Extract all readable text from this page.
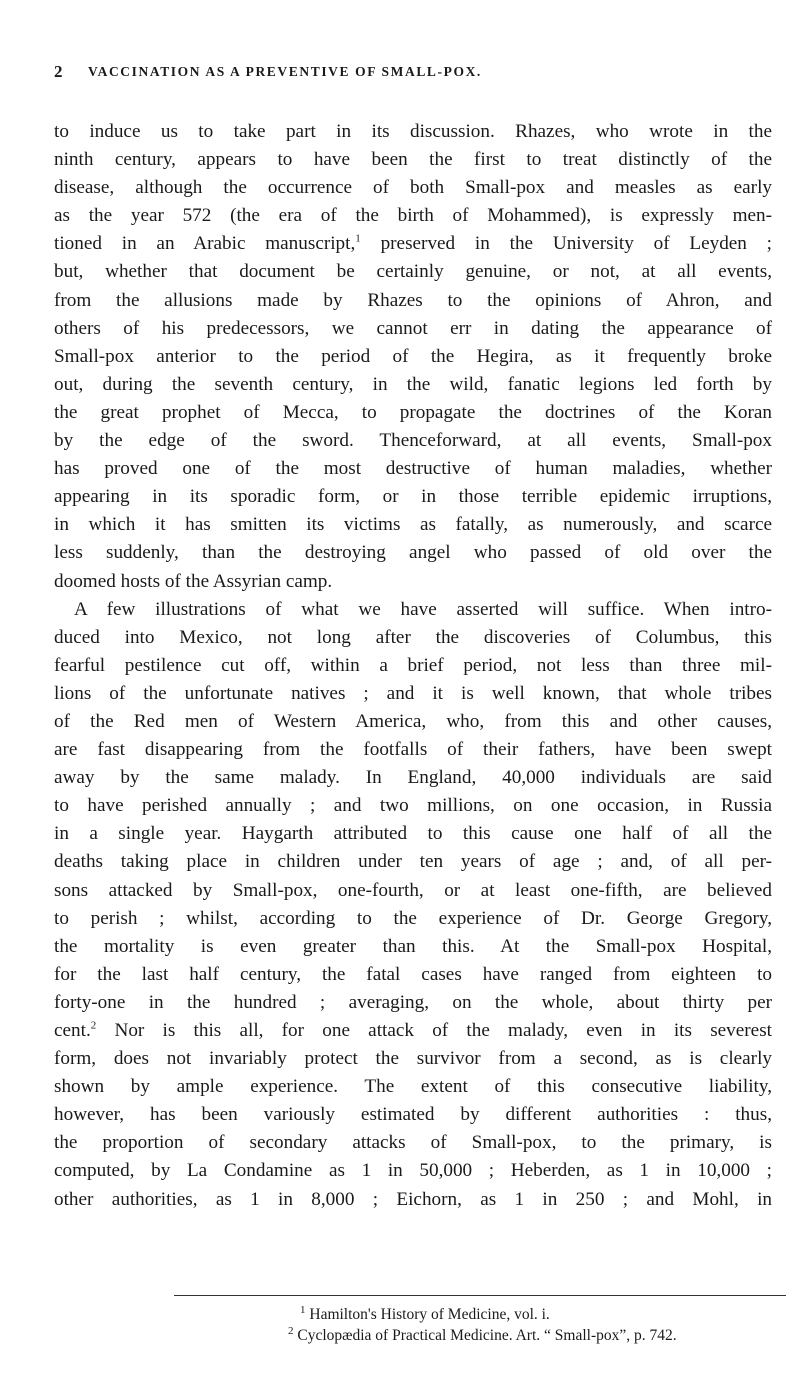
2 VACCINATION AS A PREVENTIVE OF SMALL-POX.
to induce us to take part in its discussion. Rhazes, who wrote in the
ninth century, appears to have been the first to treat distinctly of the
disease, although the occurrence of both Small-pox and measles as early
as the year 572 (the era of the birth of Mohammed), is expressly men-
tioned in an Arabic manuscript,$^1$ preserved in the University of Leyden ;
but, whether that document be certainly genuine, or not, at all events,
from the allusions made by Rhazes to the opinions of Ahron, and
others of his predecessors, we cannot err in dating the appearance of
Small-pox anterior to the period of the Hegira, as it frequently broke
out, during the seventh century, in the wild, fanatic legions led forth by
the great prophet of Mecca, to propagate the doctrines of the Koran
by the edge of the sword. Thenceforward, at all events, Small-pox
has proved one of the most destructive of human maladies, whether
appearing in its sporadic form, or in those terrible epidemic irruptions,
in which it has smitten its victims as fatally, as numerously, and scarce
less suddenly, than the destroying angel who passed of old over the
doomed hosts of the Assyrian camp.
A few illustrations of what we have asserted will suffice. When intro-
duced into Mexico, not long after the discoveries of Columbus, this
fearful pestilence cut off, within a brief period, not less than three mil-
lions of the unfortunate natives ; and it is well known, that whole tribes
of the Red men of Western America, who, from this and other causes,
are fast disappearing from the footfalls of their fathers, have been swept
away by the same malady. In England, 40,000 individuals are said
to have perished annually ; and two millions, on one occasion, in Russia
in a single year. Haygarth attributed to this cause one half of all the
deaths taking place in children under ten years of age ; and, of all per-
sons attacked by Small-pox, one-fourth, or at least one-fifth, are believed
to perish ; whilst, according to the experience of Dr. George Gregory,
the mortality is even greater than this. At the Small-pox Hospital,
for the last half century, the fatal cases have ranged from eighteen to
forty-one in the hundred ; averaging, on the whole, about thirty per
cent.$^2$ Nor is this all, for one attack of the malady, even in its severest
form, does not invariably protect the survivor from a second, as is clearly
shown by ample experience. The extent of this consecutive liability,
however, has been variously estimated by different authorities : thus,
the proportion of secondary attacks of Small-pox, to the primary, is
computed, by La Condamine as 1 in 50,000 ; Heberden, as 1 in 10,000 ;
other authorities, as 1 in 8,000 ; Eichorn, as 1 in 250 ; and Mohl, in
$^1$ Hamilton's History of Medicine, vol. i.
$^2$ Cyclopædia of Practical Medicine. Art. “ Small-pox”, p. 742.
